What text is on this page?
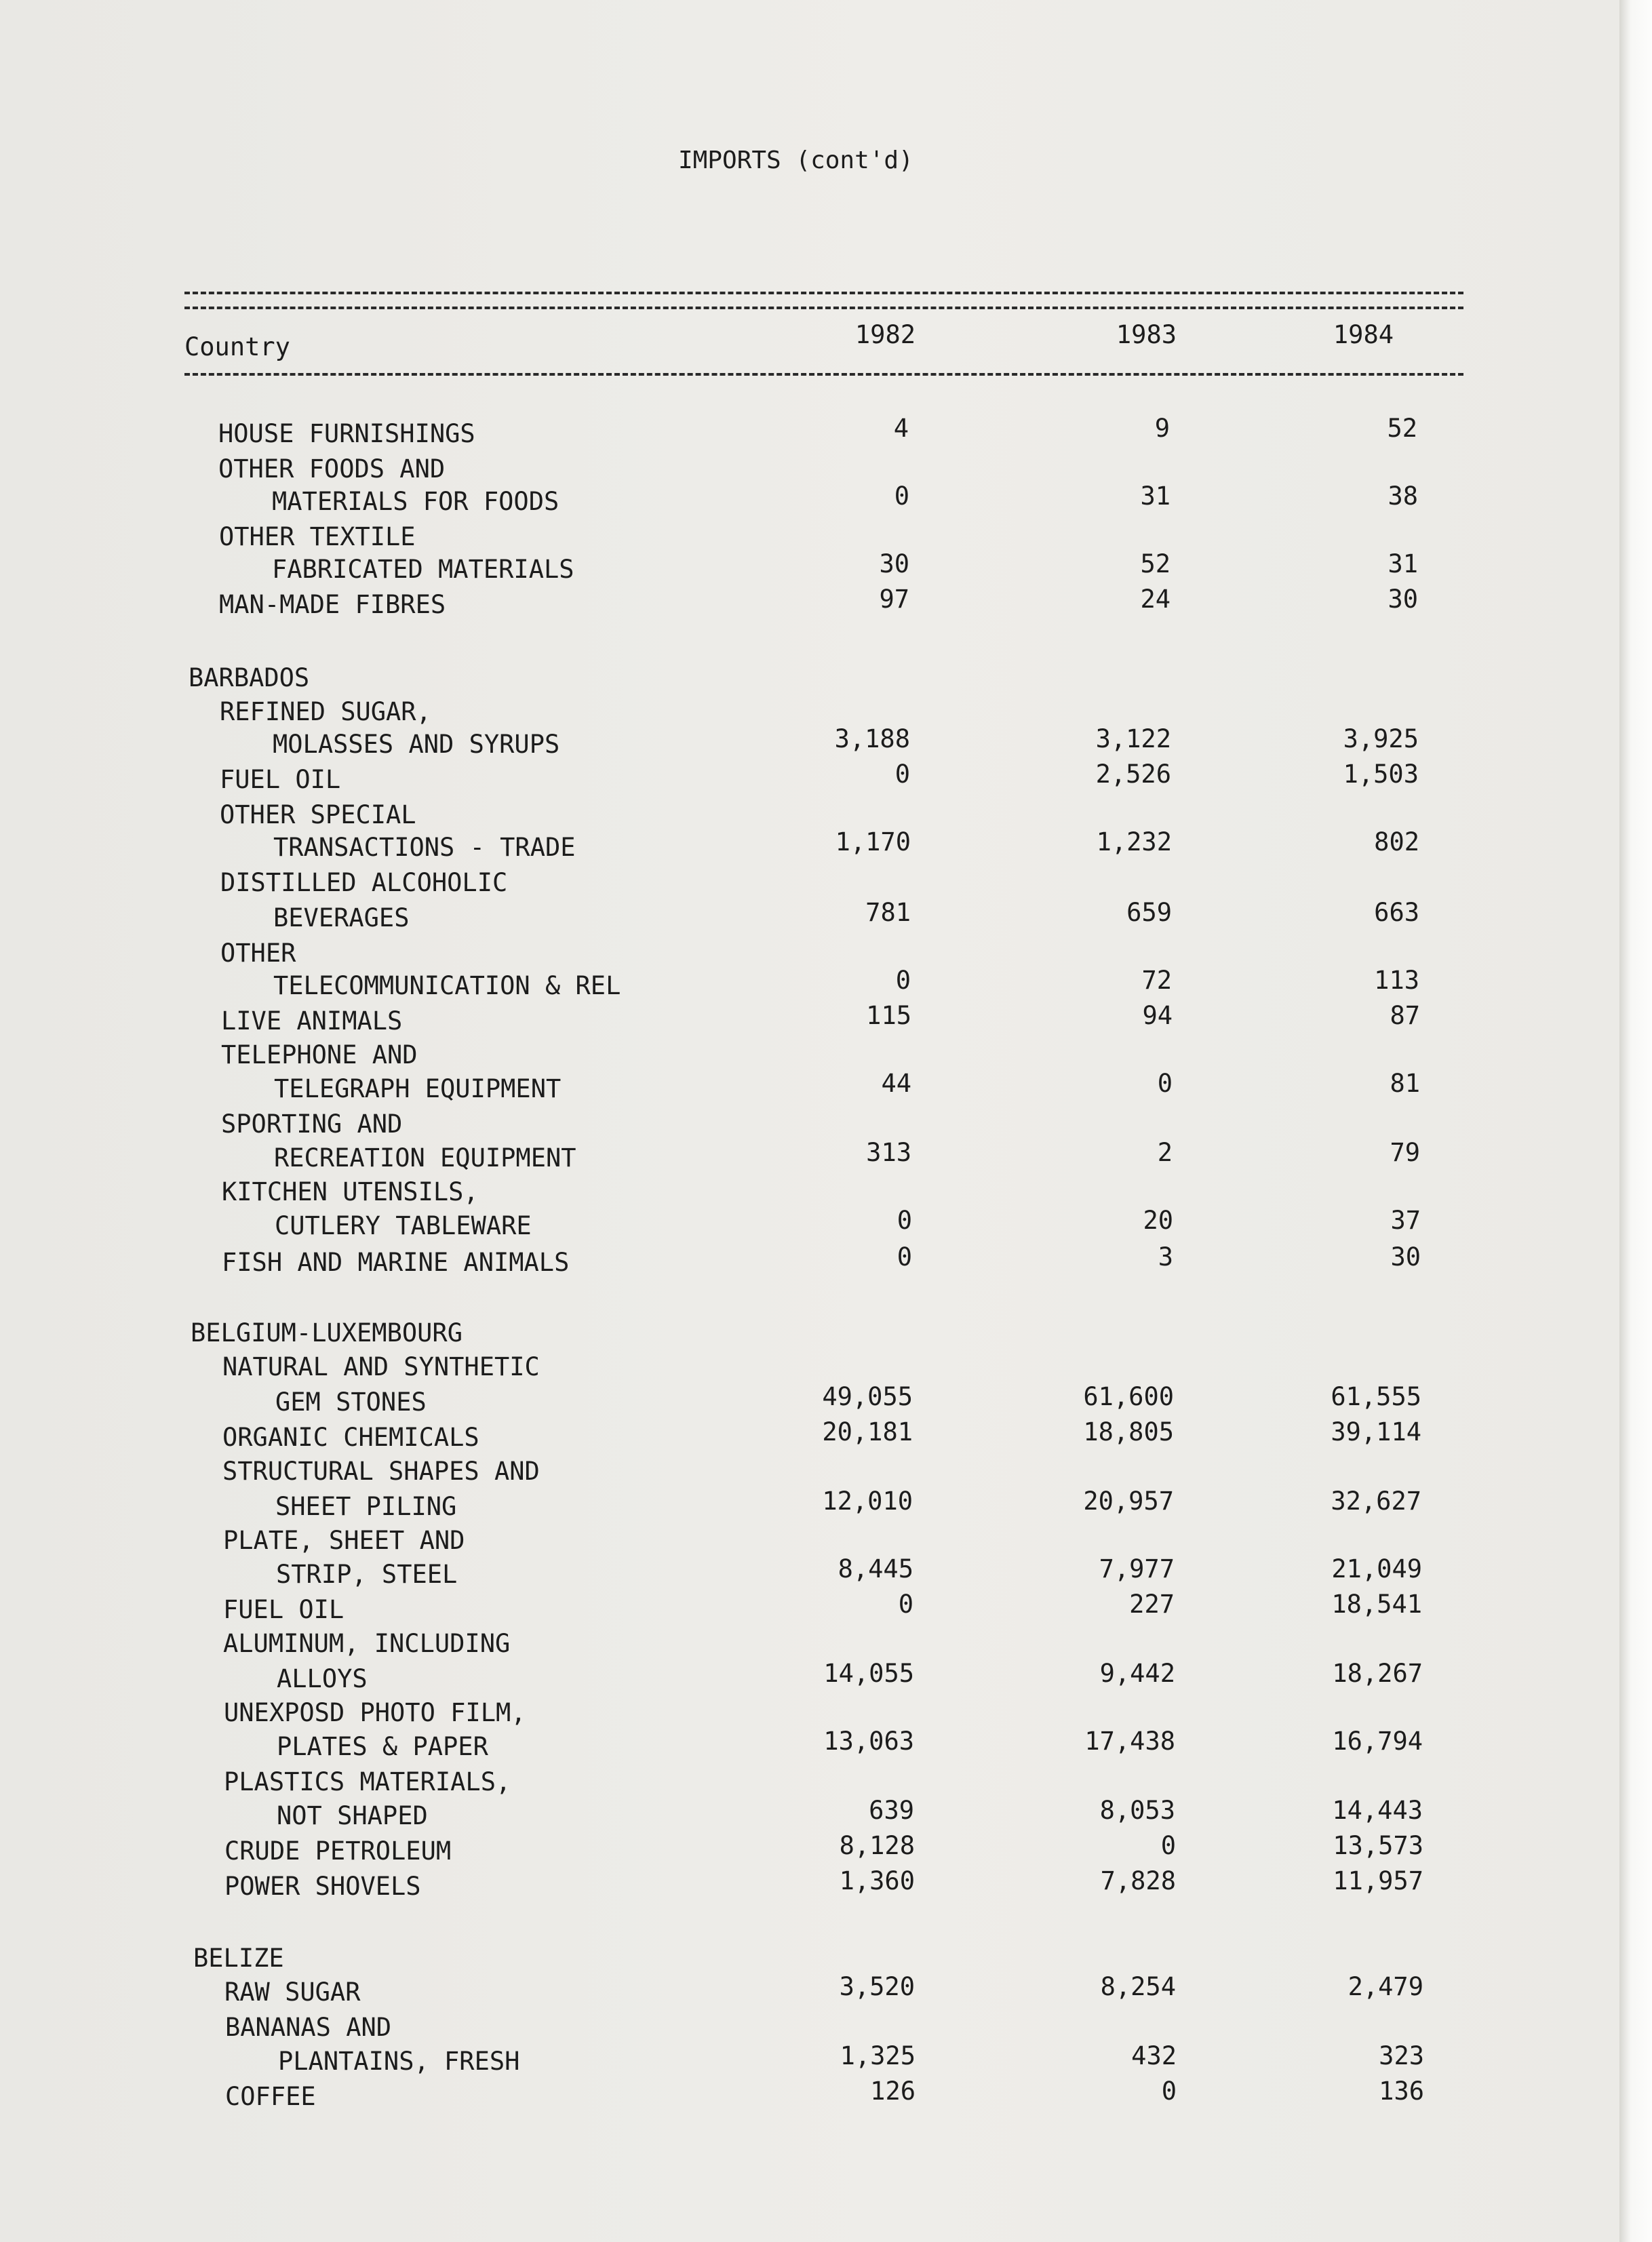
IMPORTS (cont'd)
Country	1982	1983	1984
HOUSE FURNISHINGS	4	9	52
OTHER FOODS AND
MATERIALS FOR FOODS	0	31	38
OTHER TEXTILE
FABRICATED MATERIALS	30	52	31
MAN-MADE FIBRES	97	24	30
BARBADOS
REFINED SUGAR,
MOLASSES AND SYRUPS	3,188	3,122	3,925
FUEL OIL	0	2,526	1,503
OTHER SPECIAL
TRANSACTIONS - TRADE	1,170	1,232	802
DISTILLED ALCOHOLIC
BEVERAGES	781	659	663
OTHER
TELECOMMUNICATION & REL	0	72	113
LIVE ANIMALS	115	94	87
TELEPHONE AND
TELEGRAPH EQUIPMENT	44	0	81
SPORTING AND
RECREATION EQUIPMENT	313	2	79
KITCHEN UTENSILS,
CUTLERY TABLEWARE	0	20	37
FISH AND MARINE ANIMALS	0	3	30
BELGIUM-LUXEMBOURG
NATURAL AND SYNTHETIC
GEM STONES	49,055	61,600	61,555
ORGANIC CHEMICALS	20,181	18,805	39,114
STRUCTURAL SHAPES AND
SHEET PILING	12,010	20,957	32,627
PLATE, SHEET AND
STRIP, STEEL	8,445	7,977	21,049
FUEL OIL	0	227	18,541
ALUMINUM, INCLUDING
ALLOYS	14,055	9,442	18,267
UNEXPOSD PHOTO FILM,
PLATES & PAPER	13,063	17,438	16,794
PLASTICS MATERIALS,
NOT SHAPED	639	8,053	14,443
CRUDE PETROLEUM	8,128	0	13,573
POWER SHOVELS	1,360	7,828	11,957
BELIZE
RAW SUGAR	3,520	8,254	2,479
BANANAS AND
PLANTAINS, FRESH	1,325	432	323
COFFEE	126	0	136
